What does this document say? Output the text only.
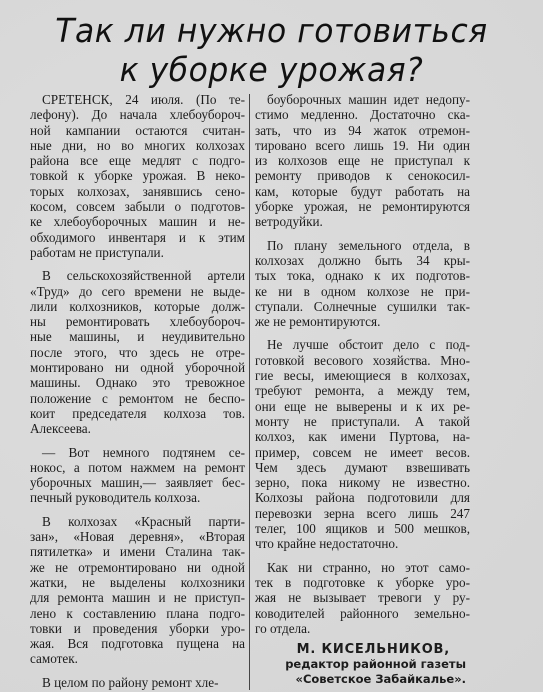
Так ли нужно готовиться
к уборке урожая?
СРЕТЕНСК, 24 июля. (По те-
лефону). До начала хлебоубороч-
ной кампании остаются считан-
ные дни, но во многих колхозах
района все еще медлят с подго-
товкой к уборке урожая. В неко-
торых колхозах, занявшись сено-
косом, совсем забыли о подготов-
ке хлебоуборочных машин и не-
обходимого инвентаря и к этим
работам не приступали.
В сельскохозяйственной артели
«Труд» до сего времени не выде-
лили колхозников, которые долж-
ны ремонтировать хлебоубороч-
ные машины, и неудивительно
после этого, что здесь не отре-
монтировано ни одной уборочной
машины. Однако это тревожное
положение с ремонтом не беспо-
коит председателя колхоза тов.
Алексеева.
— Вот немного подтянем се-
нокос, а потом нажмем на ремонт
уборочных машин,— заявляет бес-
печный руководитель колхоза.
В колхозах «Красный парти-
зан», «Новая деревня», «Вторая
пятилетка» и имени Сталина так-
же не отремонтировано ни одной
жатки, не выделены колхозники
для ремонта машин и не приступ-
лено к составлению плана подго-
товки и проведения уборки уро-
жая. Вся подготовка пущена на
самотек.
В целом по району ремонт хле-
боуборочных машин идет недопу-
стимо медленно. Достаточно ска-
зать, что из 94 жаток отремон-
тировано всего лишь 19. Ни один
из колхозов еще не приступал к
ремонту приводов к сенокосил-
кам, которые будут работать на
уборке урожая, не ремонтируются
ветродуйки.
По плану земельного отдела, в
колхозах должно быть 34 кры-
тых тока, однако к их подготов-
ке ни в одном колхозе не при-
ступали. Солнечные сушилки так-
же не ремонтируются.
Не лучше обстоит дело с под-
готовкой весового хозяйства. Мно-
гие весы, имеющиеся в колхозах,
требуют ремонта, а между тем,
они еще не выверены и к их ре-
монту не приступали. А такой
колхоз, как имени Пуртова, на-
пример, совсем не имеет весов.
Чем здесь думают взвешивать
зерно, пока никому не известно.
Колхозы района подготовили для
перевозки зерна всего лишь 247
телег, 100 ящиков и 500 мешков,
что крайне недостаточно.
Как ни странно, но этот само-
тек в подготовке к уборке уро-
жая не вызывает тревоги у ру-
ководителей районного земельно-
го отдела.
М. КИСЕЛЬНИКОВ,
редактор районной газеты
«Советское Забайкалье».
